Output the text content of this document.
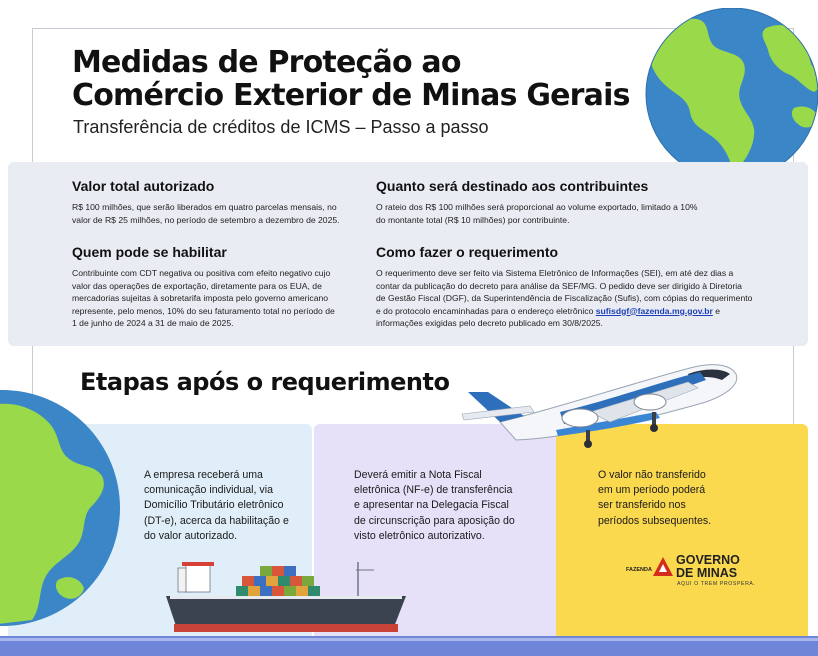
Medidas de Proteção ao
Comércio Exterior de Minas Gerais
Transferência de créditos de ICMS – Passo a passo
Valor total autorizado

R$ 100 milhões, que serão liberados em quatro parcelas mensais, no
valor de R$ 25 milhões, no período de setembro a dezembro de 2025.

Quanto será destinado aos contribuintes

O rateio dos R$ 100 milhões será proporcional ao volume exportado, limitado a 10%
do montante total (R$ 10 milhões) por contribuinte.

Quem pode se habilitar

Contribuinte com CDT negativa ou positiva com efeito negativo cujo
valor das operações de exportação, diretamente para os EUA, de
mercadorias sujeitas à sobretarifa imposta pelo governo americano
represente, pelo menos, 10% do seu faturamento total no período de
1 de junho de 2024 a 31 de maio de 2025.

Como fazer o requerimento

O requerimento deve ser feito via Sistema Eletrônico de Informações (SEI), em até dez dias a
contar da publicação do decreto para análise da SEF/MG. O pedido deve ser dirigido à Diretoria
de Gestão Fiscal (DGF), da Superintendência de Fiscalização (Sufis), com cópias do requerimento
e do protocolo encaminhadas para o endereço eletrônico sufisdgf@fazenda.mg.gov.br e
informações exigidas pelo decreto publicado em 30/8/2025.

Etapas após o requerimento
A empresa receberá uma
comunicação individual, via
Domicílio Tributário eletrônico
(DT-e), acerca da habilitação e
do valor autorizado.
Deverá emitir a Nota Fiscal
eletrônica (NF-e) de transferência
e apresentar na Delegacia Fiscal
de circunscrição para aposição do
visto eletrônico autorizativo.
O valor não transferido
em um período poderá
ser transferido nos
períodos subsequentes.
FAZENDA
GOVERNO
DE MINAS
AQUI O TREM PROSPERA.
